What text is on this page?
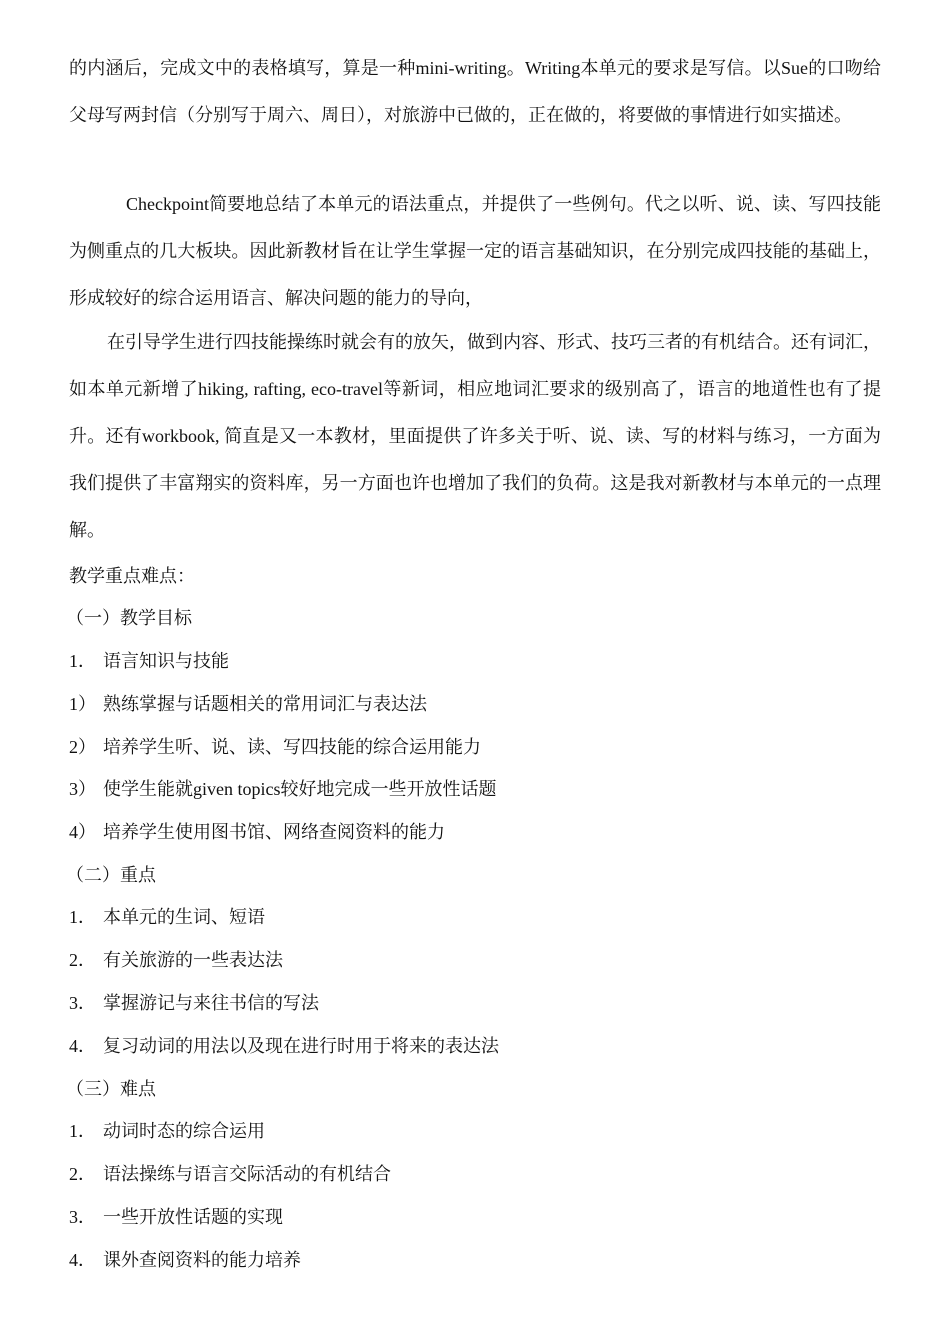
的内涵后，完成文中的表格填写，算是一种mini-writing。Writing本单元的要求是写信。以Sue的口吻给父母写两封信（分别写于周六、周日），对旅游中已做的，正在做的，将要做的事情进行如实描述。

Checkpoint简要地总结了本单元的语法重点，并提供了一些例句。代之以听、说、读、写四技能为侧重点的几大板块。因此新教材旨在让学生掌握一定的语言基础知识，在分别完成四技能的基础上，形成较好的综合运用语言、解决问题的能力的导向，

在引导学生进行四技能操练时就会有的放矢，做到内容、形式、技巧三者的有机结合。还有词汇，如本单元新增了hiking, rafting, eco-travel等新词，相应地词汇要求的级别高了，语言的地道性也有了提升。还有workbook, 简直是又一本教材，里面提供了许多关于听、说、读、写的材料与练习，一方面为我们提供了丰富翔实的资料库，另一方面也许也增加了我们的负荷。这是我对新教材与本单元的一点理解。

教学重点难点：
（一）教学目标
1． 语言知识与技能
1） 熟练掌握与话题相关的常用词汇与表达法
2） 培养学生听、说、读、写四技能的综合运用能力
3） 使学生能就given topics较好地完成一些开放性话题
4） 培养学生使用图书馆、网络查阅资料的能力
（二）重点
1． 本单元的生词、短语
2． 有关旅游的一些表达法
3． 掌握游记与来往书信的写法
4． 复习动词的用法以及现在进行时用于将来的表达法
（三）难点
1． 动词时态的综合运用
2． 语法操练与语言交际活动的有机结合
3． 一些开放性话题的实现
4． 课外查阅资料的能力培养
